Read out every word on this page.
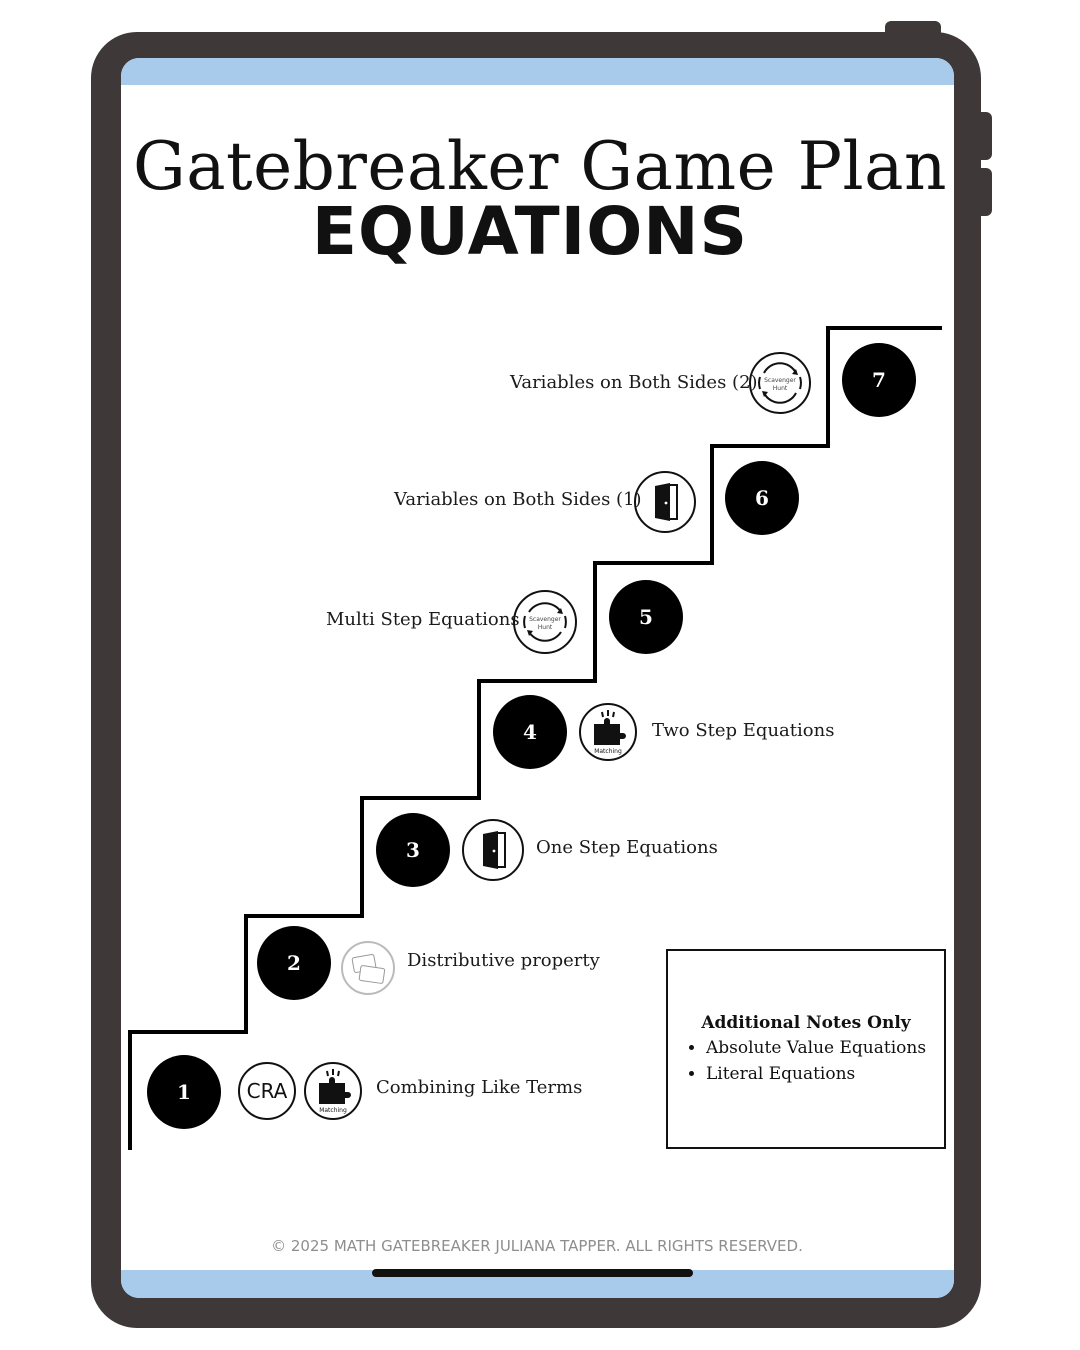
Gatebreaker Game Plan
EQUATIONS
1	CRA
Matching
Combining Like Terms
2	Distributive property
3	One Step Equations
4
Matching
Two Step Equations
5
Scavenger
Hunt
Multi Step Equations
6
Variables on Both Sides (1)
7
Scavenger
Hunt
Variables on Both Sides (2)
Additional Notes Only
• Absolute Value Equations
• Literal Equations
© 2025 MATH GATEBREAKER JULIANA TAPPER. ALL RIGHTS RESERVED.
